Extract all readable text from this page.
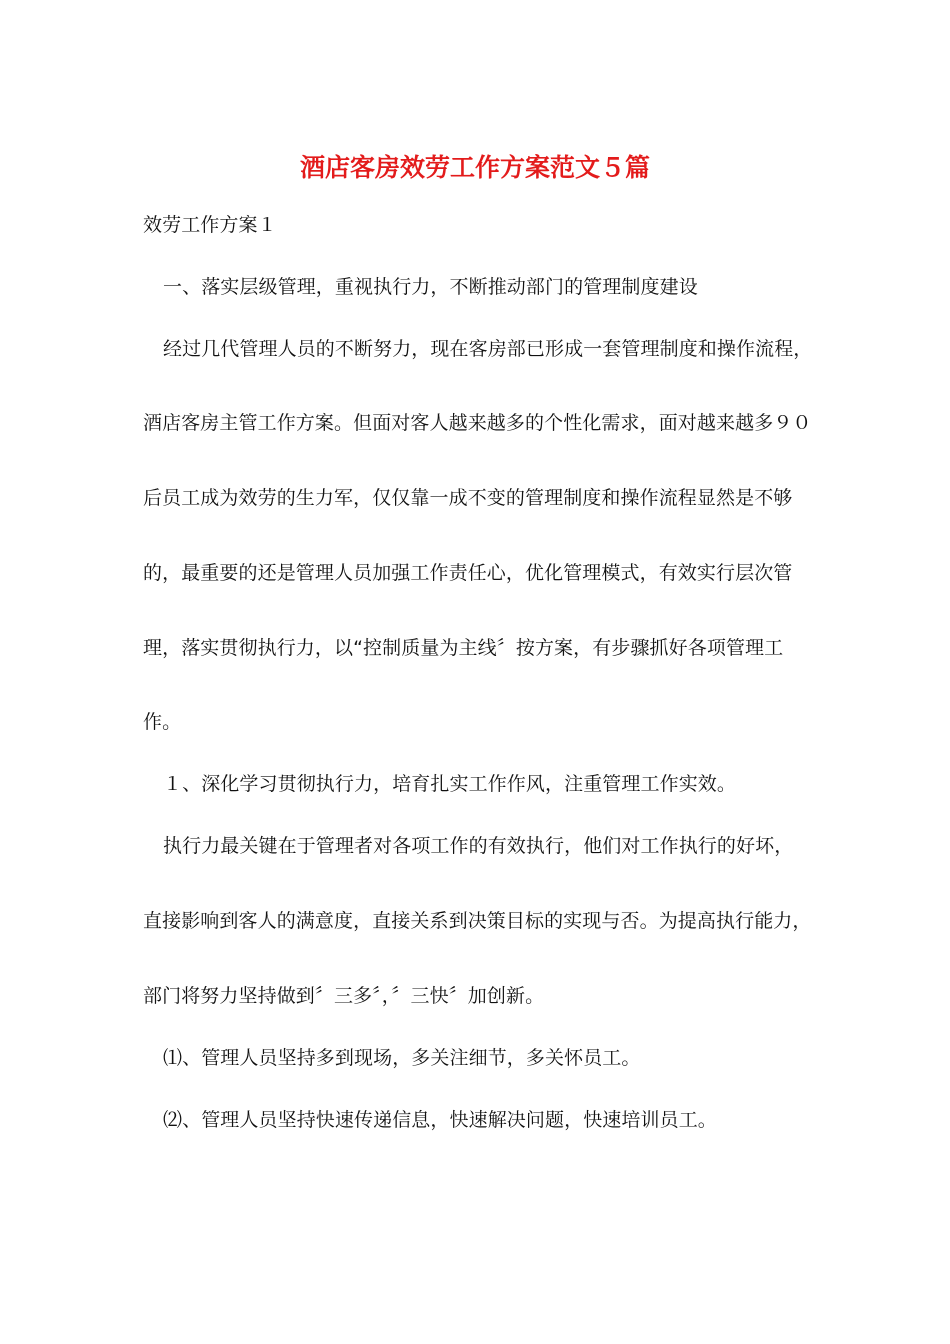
酒店客房效劳工作方案范文５篇
效劳工作方案１
一、落实层级管理，重视执行力，不断推动部门的管理制度建设
经过几代管理人员的不断努力，现在客房部已形成一套管理制度和操作流程，
酒店客房主管工作方案。但面对客人越来越多的个性化需求，面对越来越多９０
后员工成为效劳的生力军，仅仅靠一成不变的管理制度和操作流程显然是不够
的，最重要的还是管理人员加强工作责任心，优化管理模式，有效实行层次管
理，落实贯彻执行力，以“控制质量为主线〞按方案，有步骤抓好各项管理工
作。
１、深化学习贯彻执行力，培育扎实工作作风，注重管理工作实效。
执行力最关键在于管理者对各项工作的有效执行，他们对工作执行的好坏，
直接影响到客人的满意度，直接关系到决策目标的实现与否。为提高执行能力，
部门将努力坚持做到〞三多〞，〞三快〞加创新。
⑴、管理人员坚持多到现场，多关注细节，多关怀员工。
⑵、管理人员坚持快速传递信息，快速解决问题，快速培训员工。
